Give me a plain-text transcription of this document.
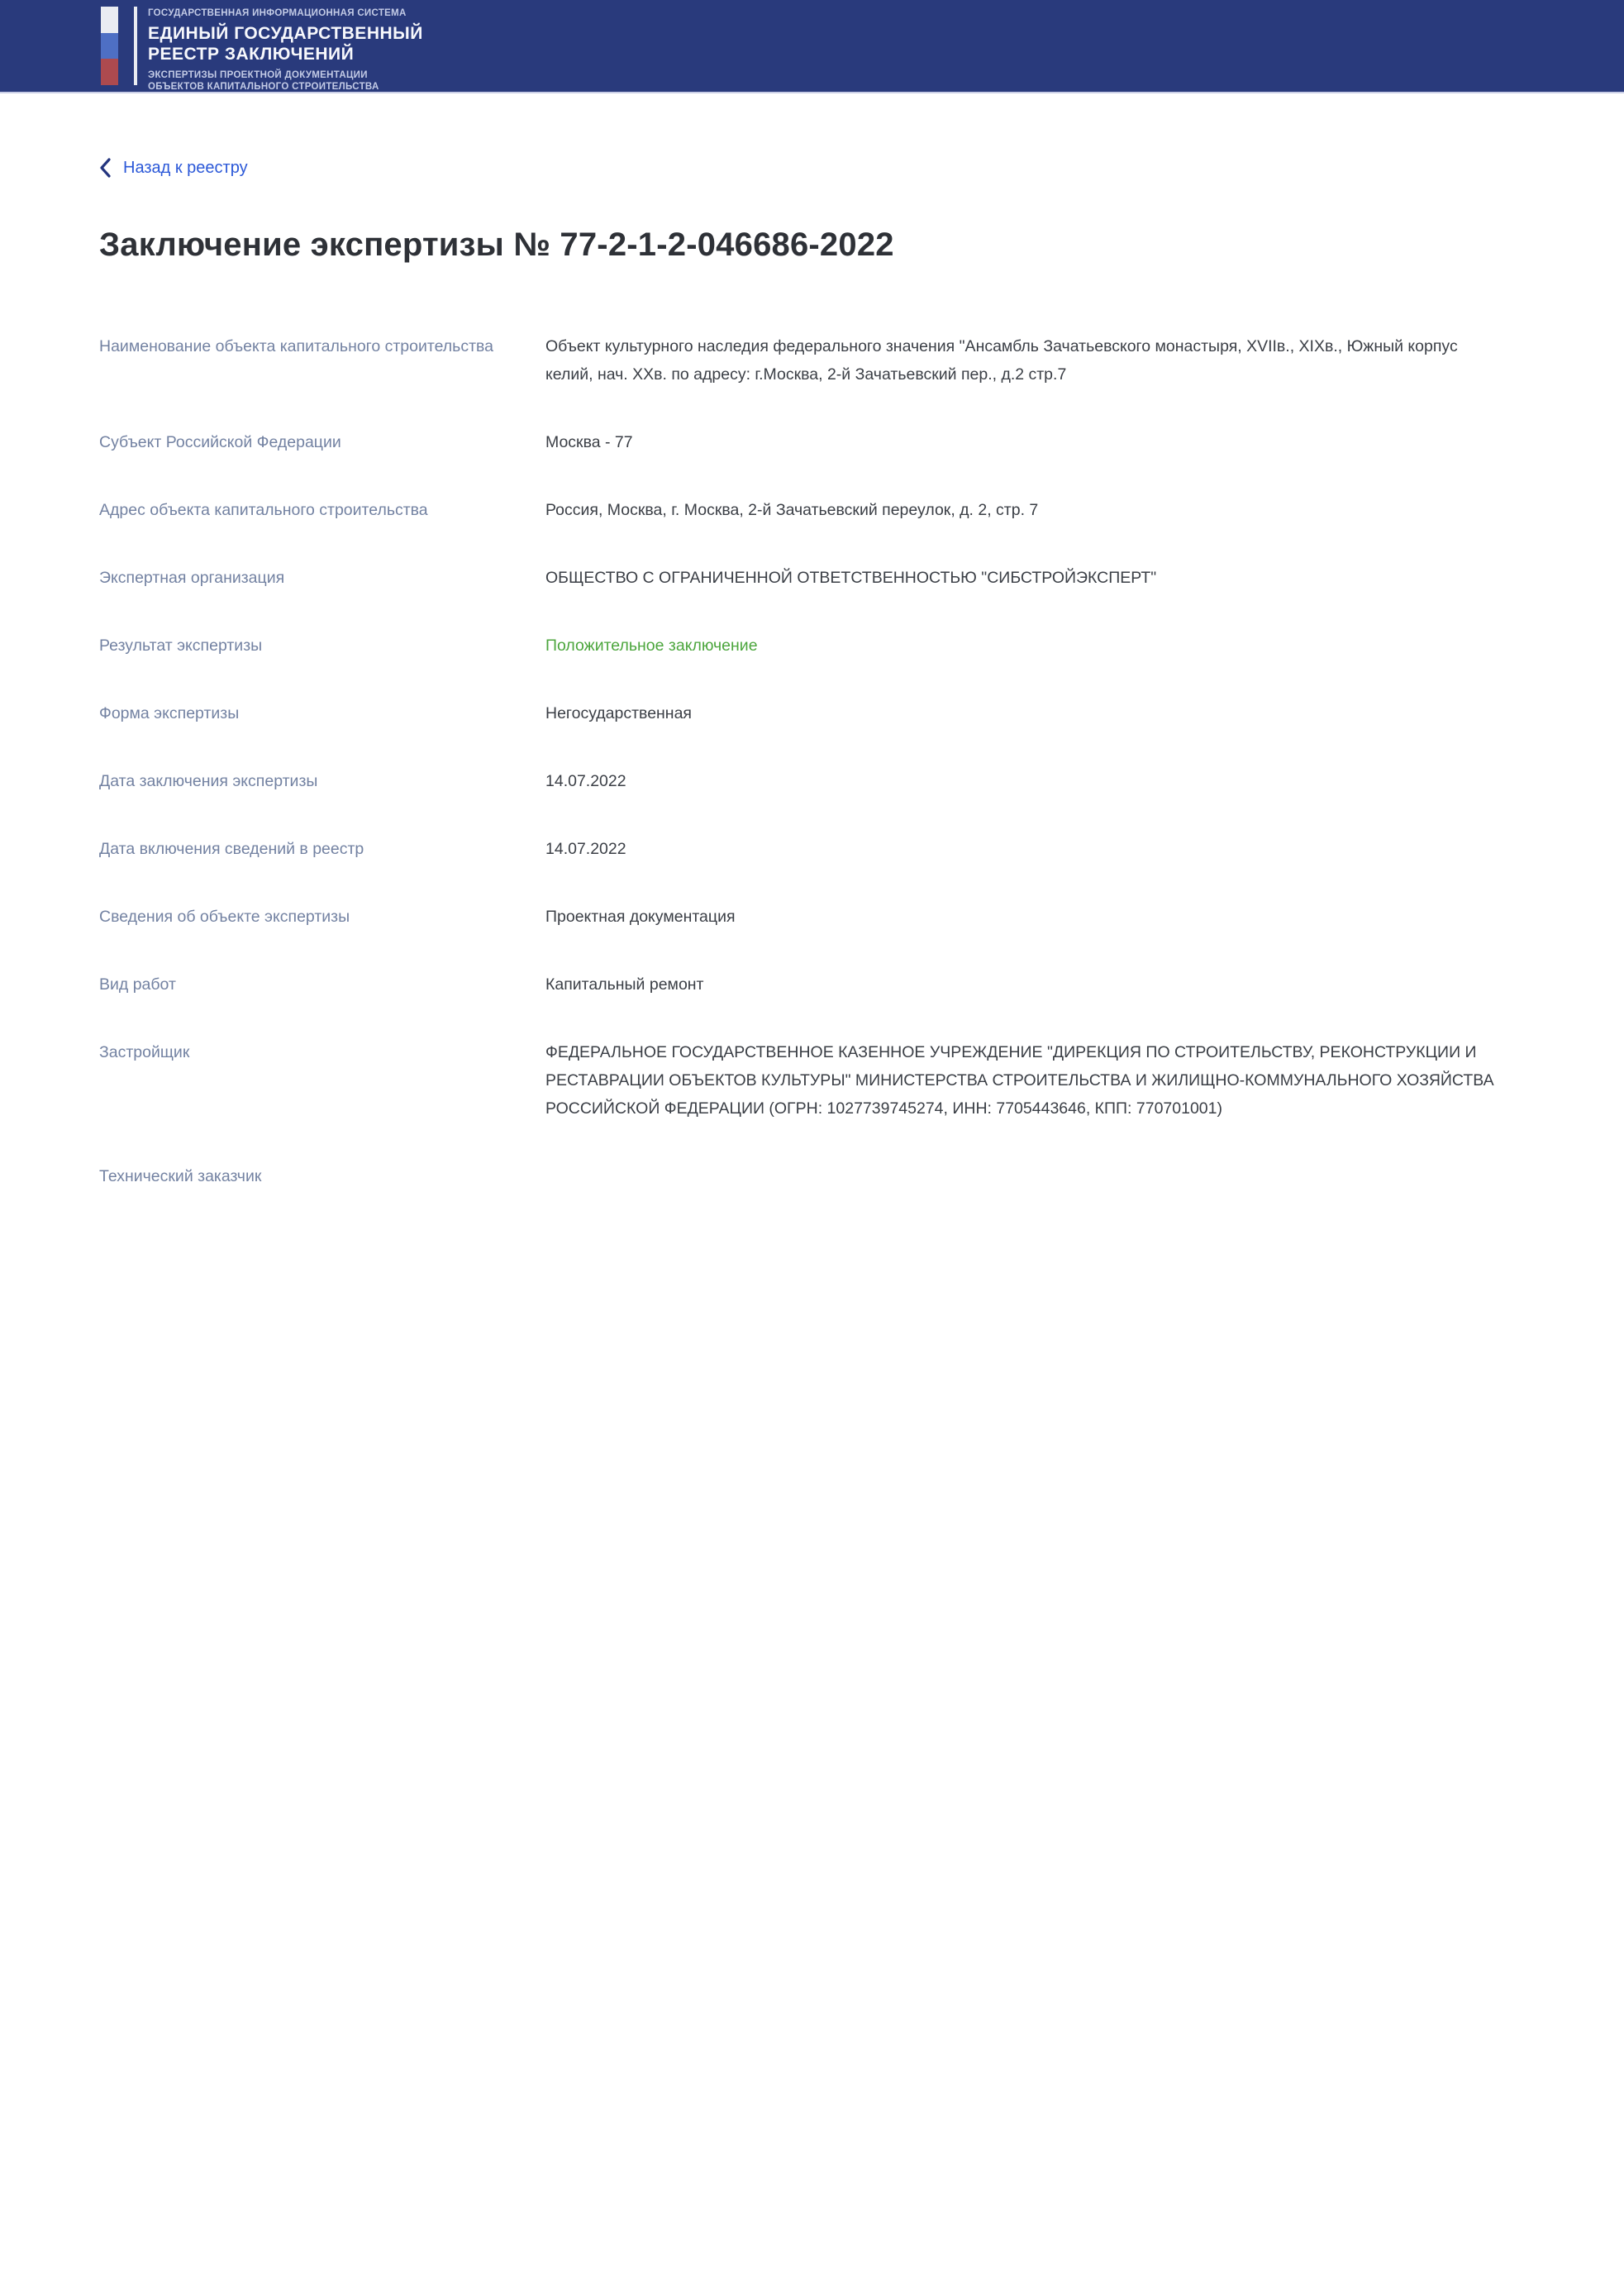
ГОСУДАРСТВЕННАЯ ИНФОРМАЦИОННАЯ СИСТЕМА
ЕДИНЫЙ ГОСУДАРСТВЕННЫЙ
РЕЕСТР ЗАКЛЮЧЕНИЙ
ЭКСПЕРТИЗЫ ПРОЕКТНОЙ ДОКУМЕНТАЦИИ
ОБЪЕКТОВ КАПИТАЛЬНОГО СТРОИТЕЛЬСТВА
Назад к реестру
Заключение экспертизы № 77-2-1-2-046686-2022
Наименование объекта капитального строительства	Объект культурного наследия федерального значения "Ансамбль Зачатьевского монастыря, XVIIв., XIXв., Южный корпус келий, нач. XXв. по адресу: г.Москва, 2-й Зачатьевский пер., д.2 стр.7
Субъект Российской Федерации	Москва - 77
Адрес объекта капитального строительства	Россия, Москва, г. Москва, 2-й Зачатьевский переулок, д. 2, стр. 7
Экспертная организация	ОБЩЕСТВО С ОГРАНИЧЕННОЙ ОТВЕТСТВЕННОСТЬЮ "СИБСТРОЙЭКСПЕРТ"
Результат экспертизы	Положительное заключение
Форма экспертизы	Негосударственная
Дата заключения экспертизы	14.07.2022
Дата включения сведений в реестр	14.07.2022
Сведения об объекте экспертизы	Проектная документация
Вид работ	Капитальный ремонт
Застройщик	ФЕДЕРАЛЬНОЕ ГОСУДАРСТВЕННОЕ КАЗЕННОЕ УЧРЕЖДЕНИЕ "ДИРЕКЦИЯ ПО СТРОИТЕЛЬСТВУ, РЕКОНСТРУКЦИИ И РЕСТАВРАЦИИ ОБЪЕКТОВ КУЛЬТУРЫ" МИНИСТЕРСТВА СТРОИТЕЛЬСТВА И ЖИЛИЩНО-КОММУНАЛЬНОГО ХОЗЯЙСТВА РОССИЙСКОЙ ФЕДЕРАЦИИ (ОГРН: 1027739745274, ИНН: 7705443646, КПП: 770701001)
Технический заказчик
